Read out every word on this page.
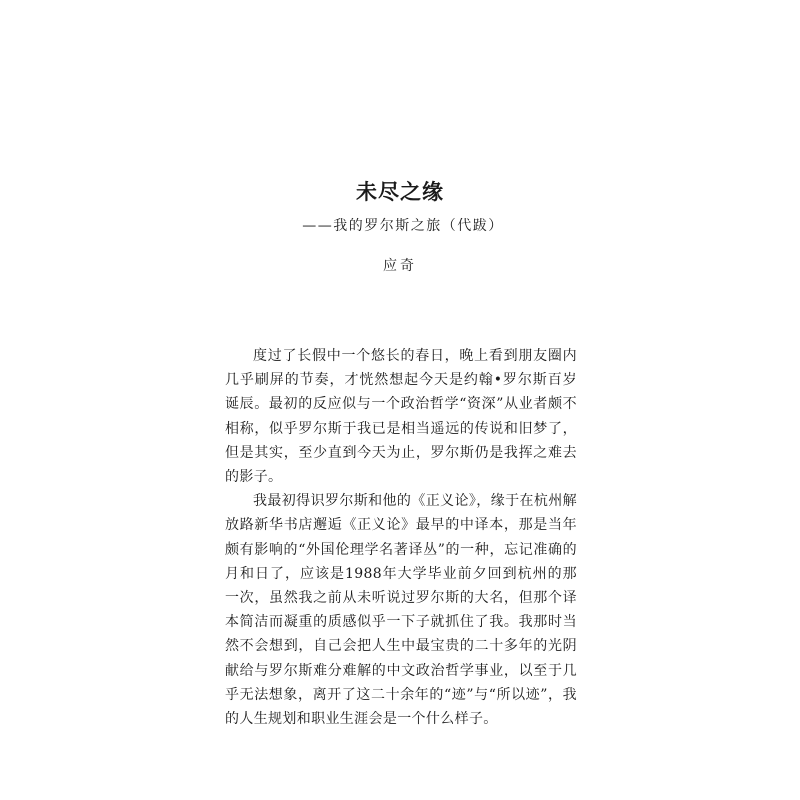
未尽之缘
——我的罗尔斯之旅（代跋）
应奇

度过了长假中一个悠长的春日，晚上看到朋友圈内几乎刷屏的节奏，才恍然想起今天是约翰•罗尔斯百岁诞辰。最初的反应似与一个政治哲学“资深”从业者颇不相称，似乎罗尔斯于我已是相当遥远的传说和旧梦了，但是其实，至少直到今天为止，罗尔斯仍是我挥之难去的影子。

我最初得识罗尔斯和他的《正义论》，缘于在杭州解放路新华书店邂逅《正义论》最早的中译本，那是当年颇有影响的“外国伦理学名著译丛”的一种，忘记准确的月和日了，应该是1988年大学毕业前夕回到杭州的那一次，虽然我之前从未听说过罗尔斯的大名，但那个译本简洁而凝重的质感似乎一下子就抓住了我。我那时当然不会想到，自己会把人生中最宝贵的二十多年的光阴献给与罗尔斯难分难解的中文政治哲学事业，以至于几乎无法想象，离开了这二十余年的“迹”与“所以迹”，我的人生规划和职业生涯会是一个什么样子。
